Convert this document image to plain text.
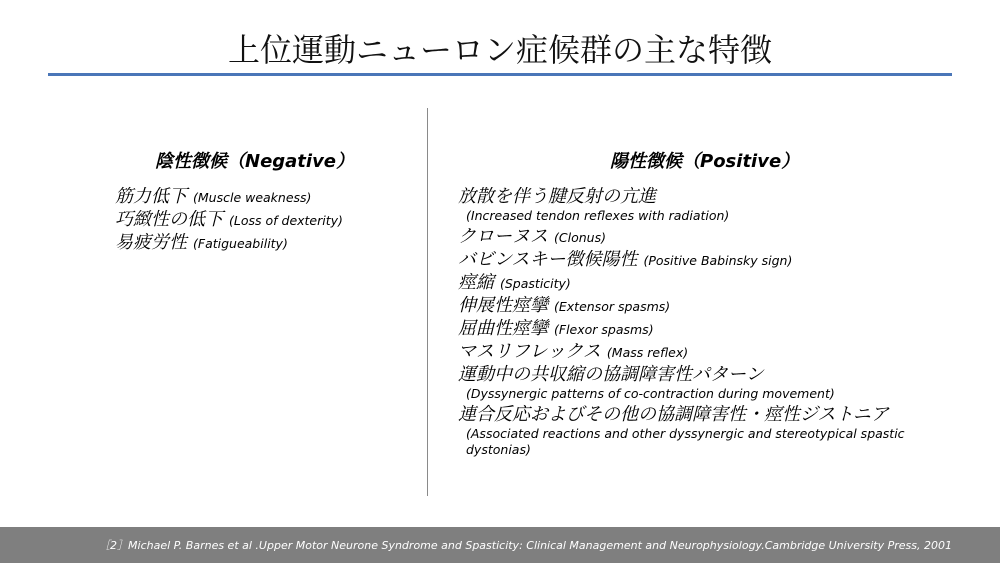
上位運動ニューロン症候群の主な特徴
陰性徴候（Negative）
筋力低下 (Muscle weakness)
巧緻性の低下 (Loss of dexterity)
易疲労性 (Fatigueability)
陽性徴候（Positive）
放散を伴う腱反射の亢進
(Increased tendon reflexes with radiation)
クローヌス (Clonus)
バビンスキー徴候陽性 (Positive Babinsky sign)
痙縮 (Spasticity)
伸展性痙攣 (Extensor spasms)
屈曲性痙攣 (Flexor spasms)
マスリフレックス (Mass reflex)
運動中の共収縮の協調障害性パターン
(Dyssynergic patterns of co-contraction during movement)
連合反応およびその他の協調障害性・痙性ジストニア
(Associated reactions and other dyssynergic and stereotypical spastic dystonias)
［2］Michael P. Barnes et al .Upper Motor Neurone Syndrome and Spasticity: Clinical Management and Neurophysiology.Cambridge University Press, 2001
